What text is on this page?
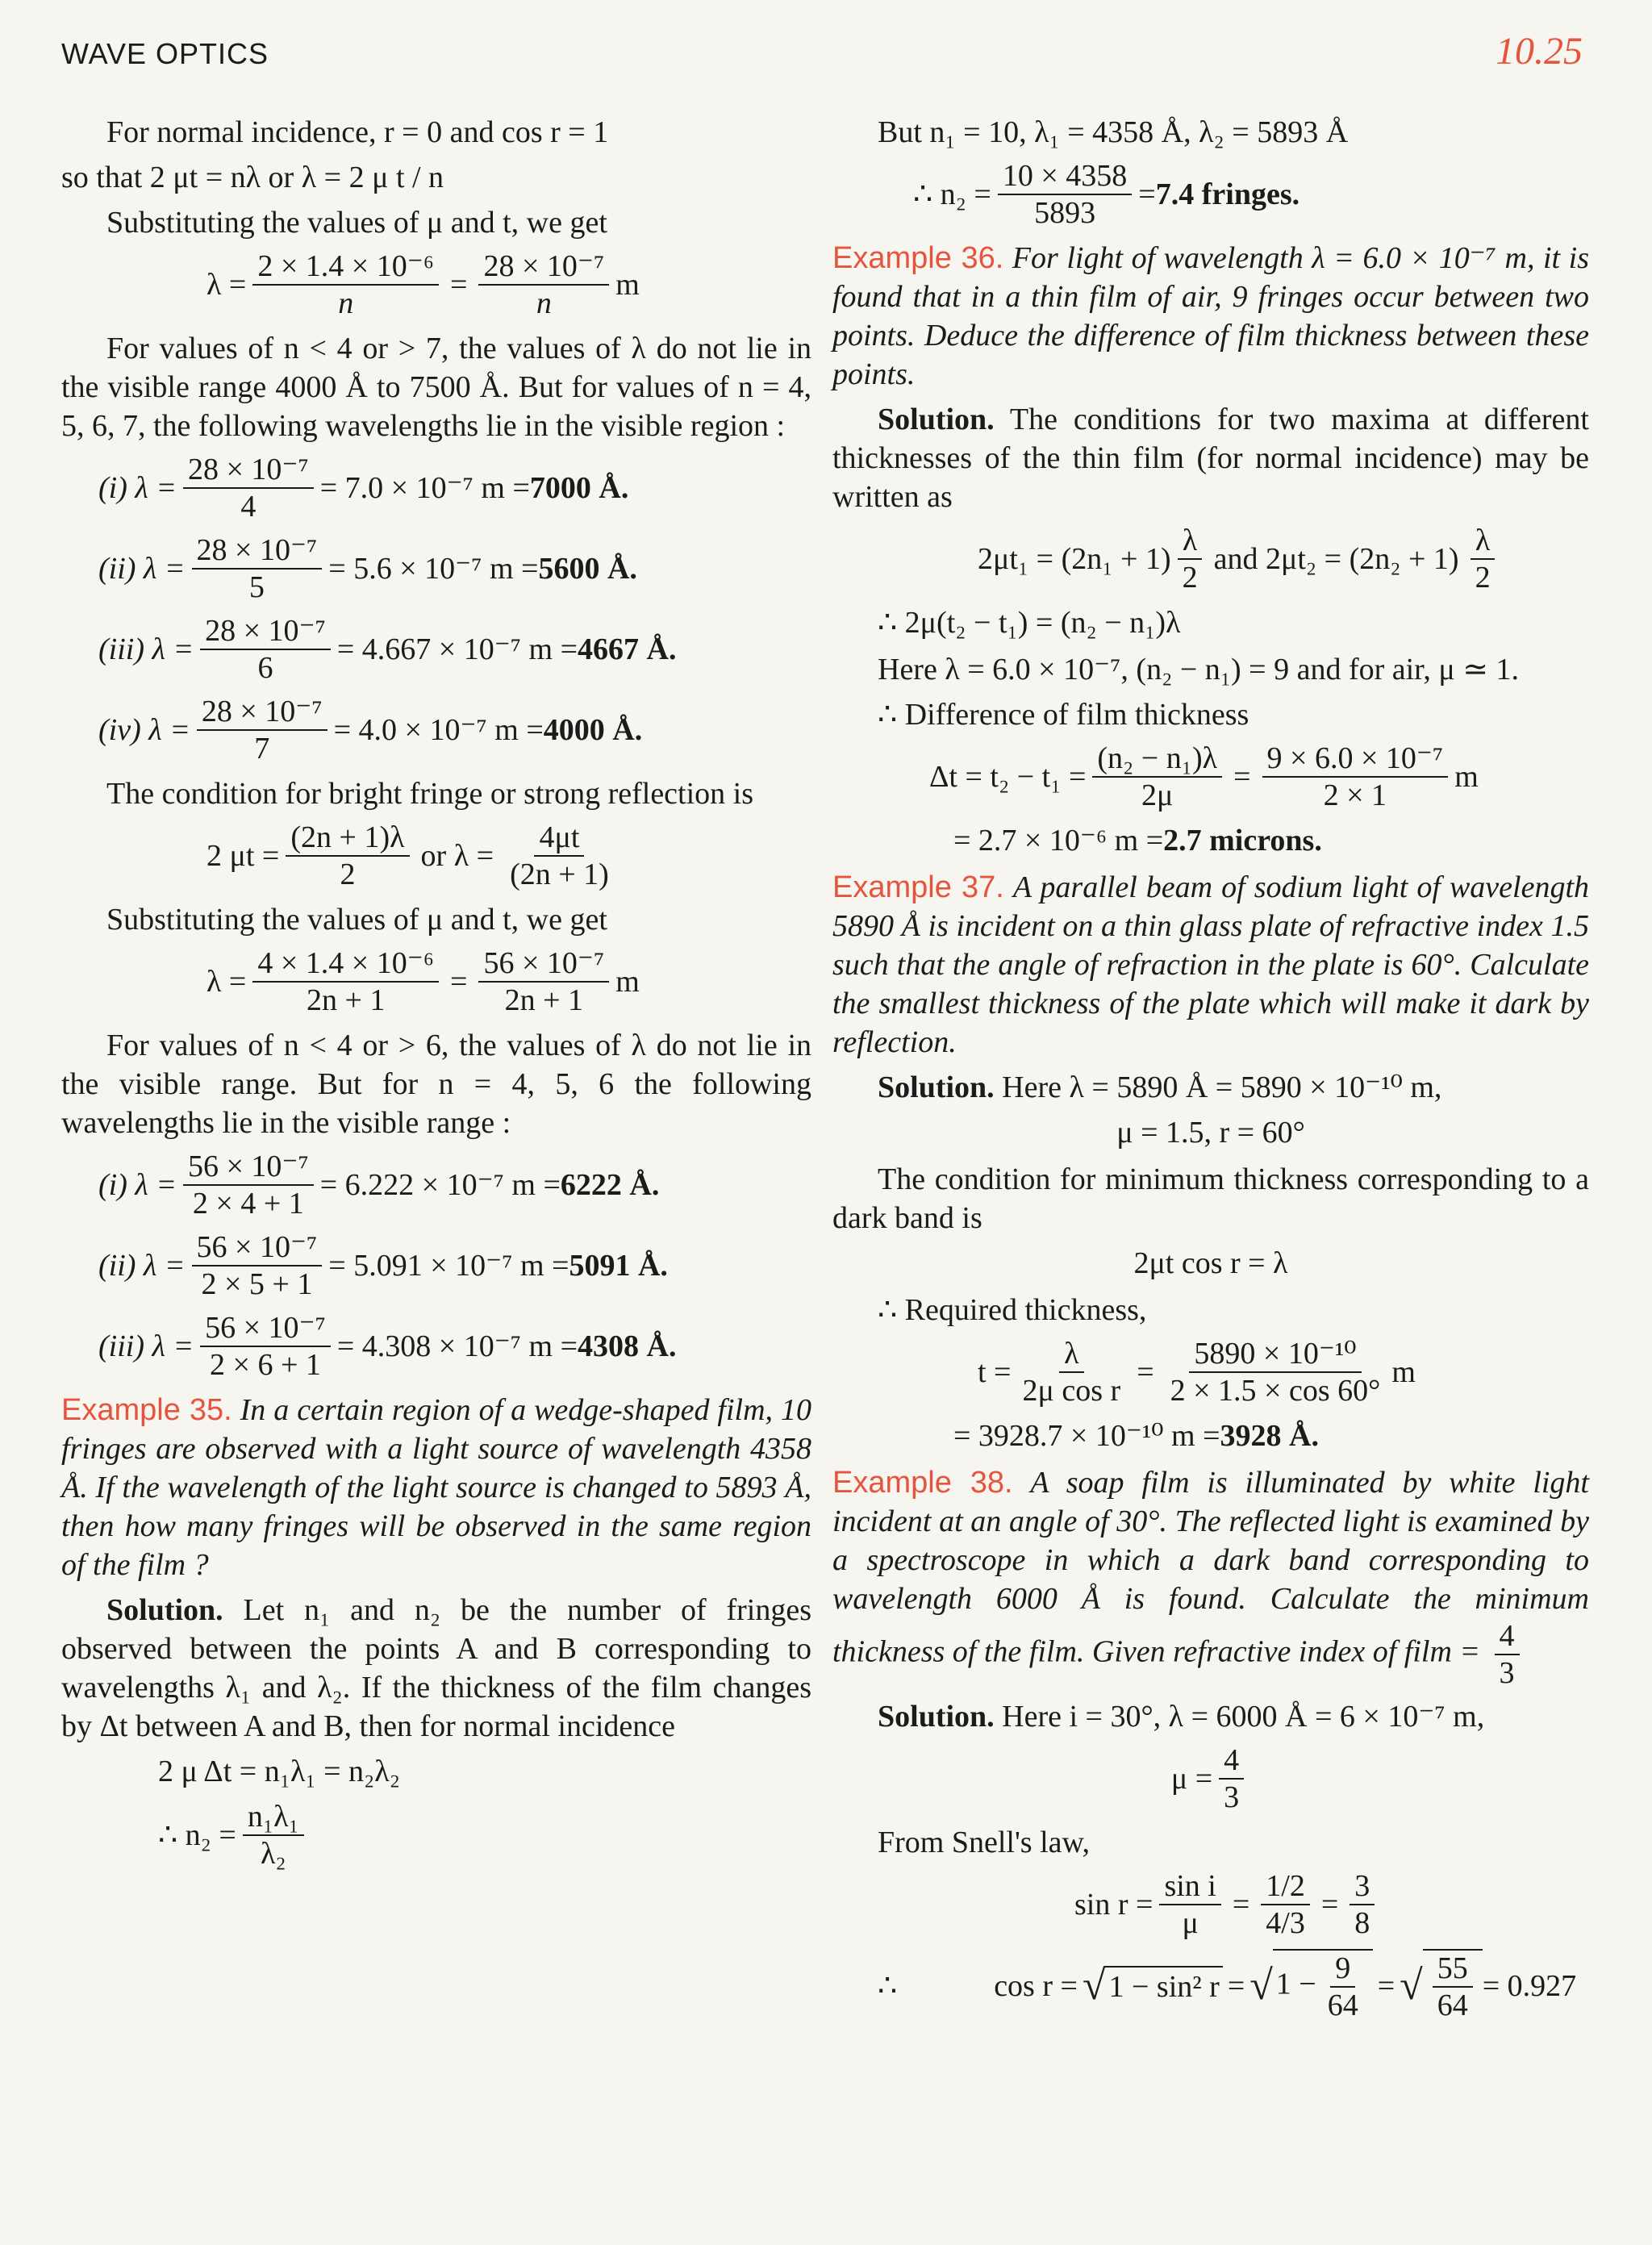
WAVE OPTICS	10.25

For normal incidence, r = 0 and cos r = 1

so that 2 μt = nλ or λ = 2 μ t / n

Substituting the values of μ and t, we get

$\lambda = \frac{\text{2 × 1.4 × 10⁻⁶}}{n} = \frac{\text{28 × 10⁻⁷}}{n}$ m

For values of n < 4 or > 7, the values of λ do not lie in the visible range 4000 Å to 7500 Å. But for values of n = 4, 5, 6, 7, the following wavelengths lie in the visible region :

(i) $\lambda = \frac{\text{28 × 10⁻⁷}}{4} = 7.0 \times 10^{-7}$ m = 7000 Å.
(ii) $\lambda = \frac{\text{28 × 10⁻⁷}}{5} = 5.6 \times 10^{-7}$ m = 5600 Å.
(iii) $\lambda = \frac{\text{28 × 10⁻⁷}}{6} = 4.667 \times 10^{-7}$ m = 4667 Å.
(iv) $\lambda = \frac{\text{28 × 10⁻⁷}}{7} = 4.0 \times 10^{-7}$ m = 4000 Å.

The condition for bright fringe or strong reflection is

2 $\mu t = \frac{(2n + 1)\lambda}{2}$ or $\lambda = \frac{4\mu t}{(2n + 1)}$

Substituting the values of μ and t, we get

$\lambda = \frac{\text{4 × 1.4 × 10⁻⁶}}{2n + 1} = \frac{\text{56 × 10⁻⁷}}{2n + 1}$ m

For values of n < 4 or > 6, the values of λ do not lie in the visible range. But for n = 4, 5, 6 the following wavelengths lie in the visible range :

(i) $\lambda = \frac{\text{56 × 10⁻⁷}}{2 \times 4 + 1} = 6.222 \times 10^{-7}$ m = 6222 Å.
(ii) $\lambda = \frac{\text{56 × 10⁻⁷}}{2 \times 5 + 1} = 5.091 \times 10^{-7}$ m = 5091 Å.
(iii) $\lambda = \frac{\text{56 × 10⁻⁷}}{2 \times 6 + 1} = 4.308 \times 10^{-7}$ m = 4308 Å.

Example 35. In a certain region of a wedge-shaped film, 10 fringes are observed with a light source of wavelength 4358 Å. If the wavelength of the light source is changed to 5893 Å, then how many fringes will be observed in the same region of the film ?

Solution. Let n₁ and n₂ be the number of fringes observed between the points A and B corresponding to wavelengths λ₁ and λ₂. If the thickness of the film changes by Δt between A and B, then for normal incidence

2 μ Δt = n₁λ₁ = n₂λ₂
∴ $n_2 = \frac{\text{n₁λ₁}}{\text{λ₂}}$

But n₁ = 10, λ₁ = 4358 Å, λ₂ = 5893 Å

∴ $n_2 = \frac{10 \times 4358}{5893} = 7.4$ fringes.

Example 36. For light of wavelength λ = 6.0 × 10⁻⁷ m, it is found that in a thin film of air, 9 fringes occur between two points. Deduce the difference of film thickness between these points.

Solution. The conditions for two maxima at different thicknesses of the thin film (for normal incidence) may be written as

$2\mu t_1 = (2n_1 + 1) \frac{\lambda}{2}$ and $2\mu t_2 = (2n_2 + 1) \frac{\lambda}{2}$
∴ 2μ(t₂ − t₁) = (n₂ − n₁)λ

Here λ = 6.0 × 10⁻⁷, (n₂ − n₁) = 9 and for air, μ ≃ 1.

∴ Difference of film thickness

$\Delta t = t_2 - t_1 = \frac{\text{(n₂ − n₁)λ}}{2\mu} = \frac{\text{9 × 6.0 × 10⁻⁷}}{2 \times 1}$ m
= 2.7 × 10⁻⁶ m = 2.7 microns.

Example 37. A parallel beam of sodium light of wavelength 5890 Å is incident on a thin glass plate of refractive index 1.5 such that the angle of refraction in the plate is 60°. Calculate the smallest thickness of the plate which will make it dark by reflection.

Solution. Here λ = 5890 Å = 5890 × 10⁻¹⁰ m,

μ = 1.5, r = 60°

The condition for minimum thickness corresponding to a dark band is

2μt cos r = λ

∴ Required thickness,

$t = \frac{\lambda}{\text{2μ cos r}} = \frac{\text{5890 × 10⁻¹⁰}}{2 \times 1.5 \times \cos 60^\circ}$ m
= 3928.7 × 10⁻¹⁰ m = 3928 Å.

Example 38. A soap film is illuminated by white light incident at an angle of 30°. The reflected light is examined by a spectroscope in which a dark band corresponding to wavelength 6000 Å is found. Calculate the minimum thickness of the film. Given refractive index of film = $\frac{4}{3}$

Solution. Here i = 30°, λ = 6000 Å = 6 × 10⁻⁷ m,

$\mu = \frac{4}{3}$

From Snell's law,

$\sin r = \frac{\text{sin i}}{\mu} = \frac{1/2}{4/3} = \frac{3}{8}$
∴	cos r = √ 1 − sin² r = √ $1 - \frac{9}{64}$ = √ $\frac{55}{64} = 0.927$
